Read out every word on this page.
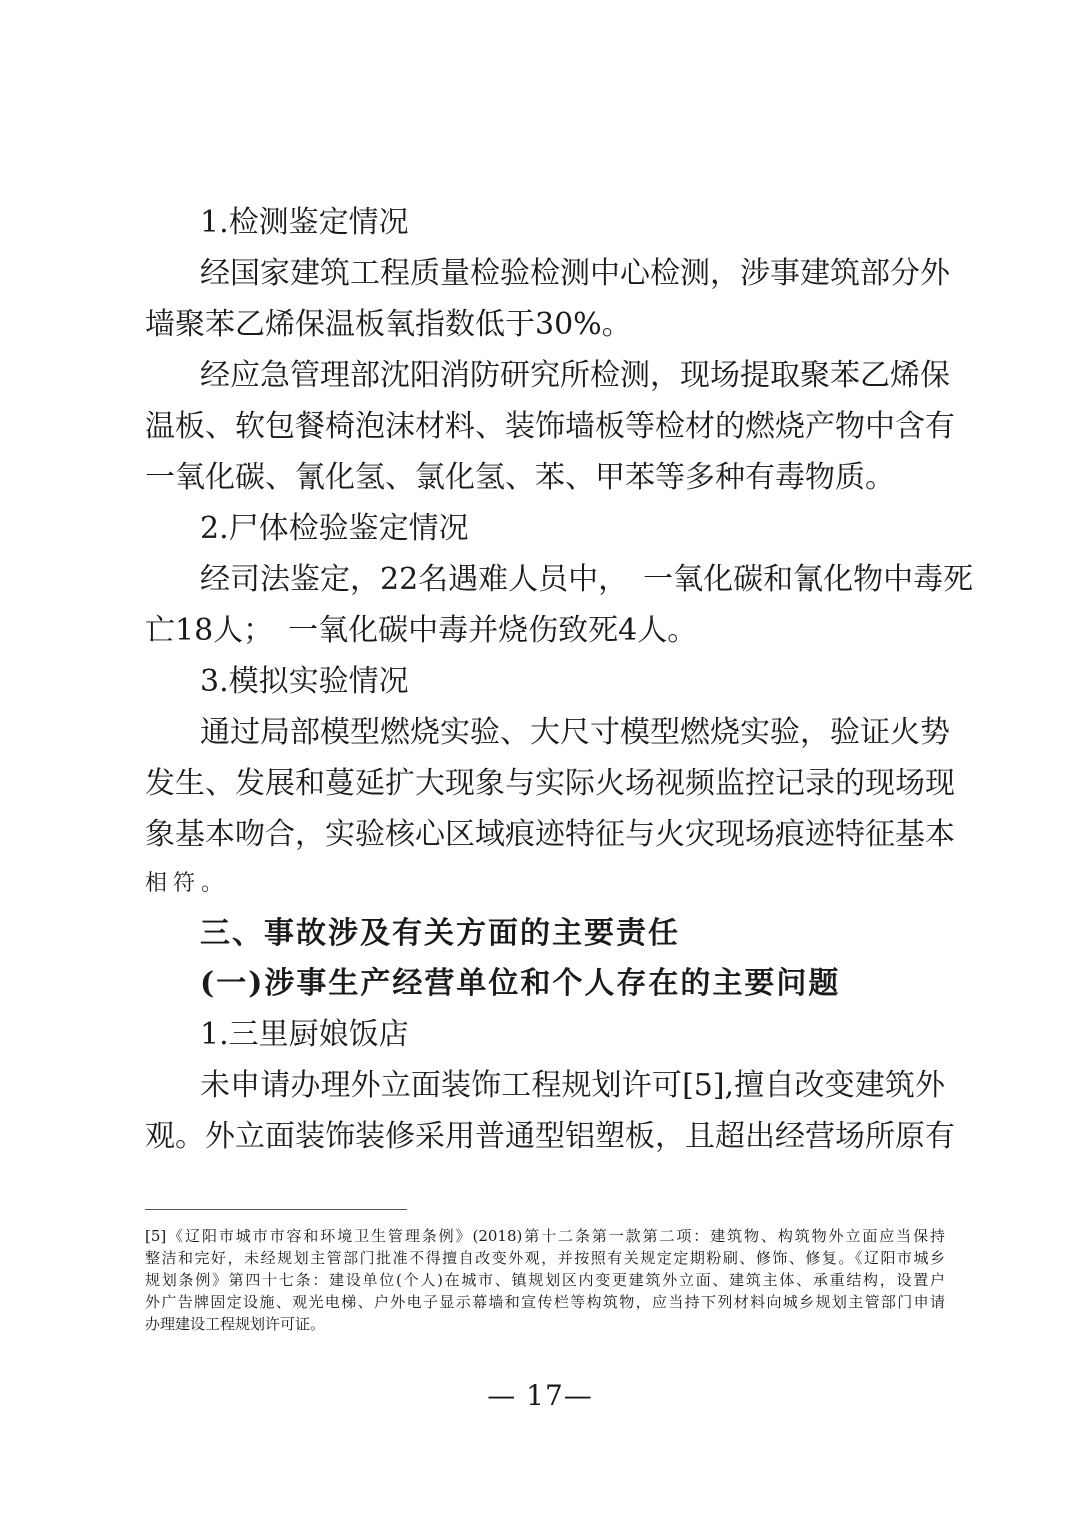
1.检测鉴定情况
经国家建筑工程质量检验检测中心检测，涉事建筑部分外
墙聚苯乙烯保温板氧指数低于30%。
经应急管理部沈阳消防研究所检测，现场提取聚苯乙烯保
温板、软包餐椅泡沫材料、装饰墙板等检材的燃烧产物中含有
一氧化碳、氰化氢、氯化氢、苯、甲苯等多种有毒物质。
2.尸体检验鉴定情况
经司法鉴定，22名遇难人员中，　一氧化碳和氰化物中毒死
亡18人；　一氧化碳中毒并烧伤致死4人。
3.模拟实验情况
通过局部模型燃烧实验、大尺寸模型燃烧实验，验证火势
发生、发展和蔓延扩大现象与实际火场视频监控记录的现场现
象基本吻合，实验核心区域痕迹特征与火灾现场痕迹特征基本
相符。
三、事故涉及有关方面的主要责任
(一)涉事生产经营单位和个人存在的主要问题
1.三里厨娘饭店
未申请办理外立面装饰工程规划许可[5],擅自改变建筑外
观。外立面装饰装修采用普通型铝塑板，且超出经营场所原有
[5]《辽阳市城市市容和环境卫生管理条例》(2018)第十二条第一款第二项：建筑物、构筑物外立面应当保持
整洁和完好，未经规划主管部门批准不得擅自改变外观，并按照有关规定定期粉刷、修饰、修复。《辽阳市城乡
规划条例》第四十七条：建设单位(个人)在城市、镇规划区内变更建筑外立面、建筑主体、承重结构，设置户
外广告牌固定设施、观光电梯、户外电子显示幕墙和宣传栏等构筑物，应当持下列材料向城乡规划主管部门申请
办理建设工程规划许可证。
— 17—
